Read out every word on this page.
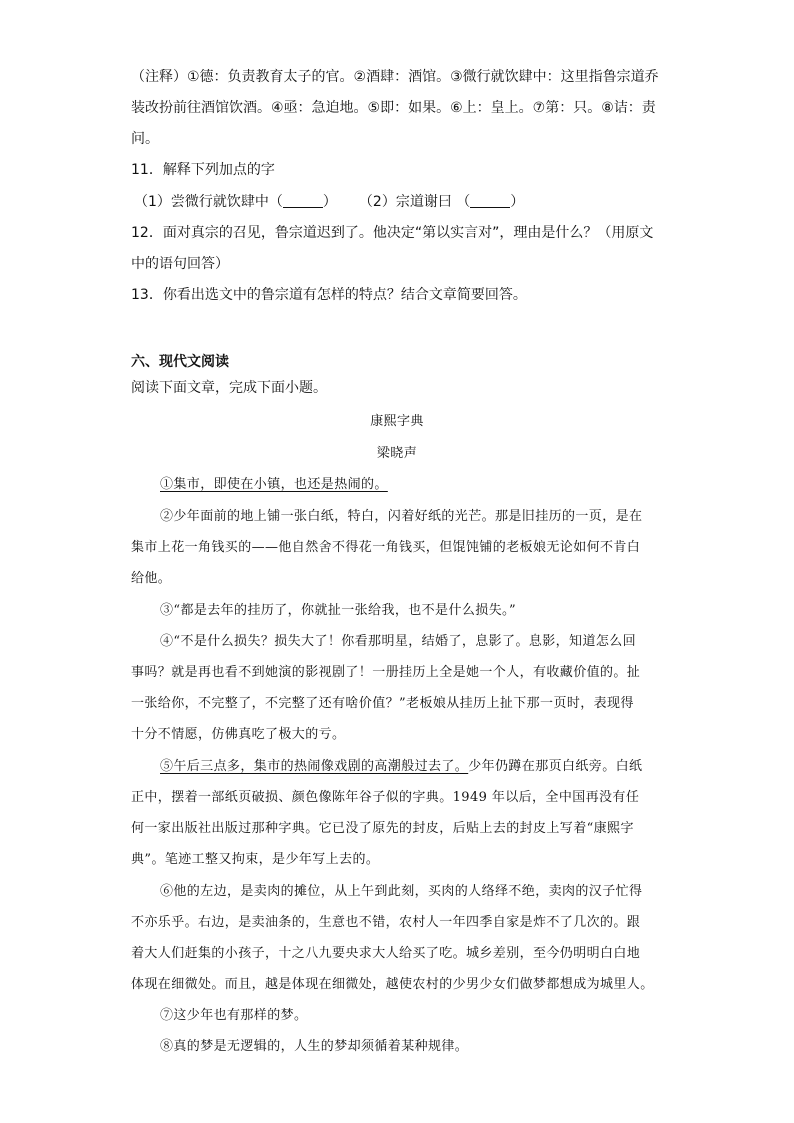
（注释）①德：负责教育太子的官。②酒肆：酒馆。③微行就饮肆中：这里指鲁宗道乔
装改扮前往酒馆饮酒。④亟：急迫地。⑤即：如果。⑥上：皇上。⑦第：只。⑧诘：责
问。
11．解释下列加点的字
（1）尝微行就饮肆中（	） （2）宗道谢曰 （	）
12．面对真宗的召见，鲁宗道迟到了。他决定“第以实言对”，理由是什么？（用原文
中的语句回答）
13．你看出选文中的鲁宗道有怎样的特点？结合文章简要回答。
六、现代文阅读
阅读下面文章，完成下面小题。
康熙字典
梁晓声
①集市，即使在小镇，也还是热闹的。
②少年面前的地上铺一张白纸，特白，闪着好纸的光芒。那是旧挂历的一页，是在
集市上花一角钱买的——他自然舍不得花一角钱买，但馄饨铺的老板娘无论如何不肯白
给他。
③“都是去年的挂历了，你就扯一张给我，也不是什么损失。”
④“不是什么损失？损失大了！你看那明星，结婚了，息影了。息影，知道怎么回
事吗？就是再也看不到她演的影视剧了！一册挂历上全是她一个人，有收藏价值的。扯
一张给你，不完整了，不完整了还有啥价值？”老板娘从挂历上扯下那一页时，表现得
十分不情愿，仿佛真吃了极大的亏。
⑤午后三点多，集市的热闹像戏剧的高潮般过去了。少年仍蹲在那页白纸旁。白纸
正中，摆着一部纸页破损、颜色像陈年谷子似的字典。1949 年以后，全中国再没有任
何一家出版社出版过那种字典。它已没了原先的封皮，后贴上去的封皮上写着“康熙字
典”。笔迹工整又拘束，是少年写上去的。
⑥他的左边，是卖肉的摊位，从上午到此刻，买肉的人络绎不绝，卖肉的汉子忙得
不亦乐乎。右边，是卖油条的，生意也不错，农村人一年四季自家是炸不了几次的。跟
着大人们赶集的小孩子，十之八九要央求大人给买了吃。城乡差别，至今仍明明白白地
体现在细微处。而且，越是体现在细微处，越使农村的少男少女们做梦都想成为城里人。
⑦这少年也有那样的梦。
⑧真的梦是无逻辑的，人生的梦却须循着某种规律。
